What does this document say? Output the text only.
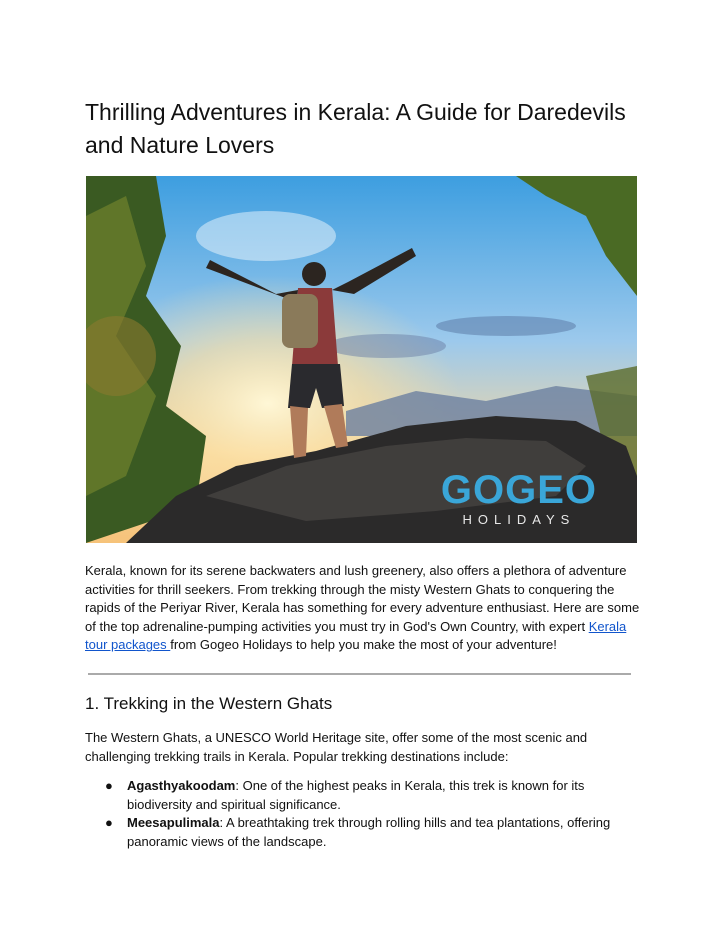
Thrilling Adventures in Kerala: A Guide for Daredevils and Nature Lovers
GOGEO
HOLIDAYS

Kerala, known for its serene backwaters and lush greenery, also offers a plethora of adventure activities for thrill seekers. From trekking through the misty Western Ghats to conquering the rapids of the Periyar River, Kerala has something for every adventure enthusiast. Here are some of the top adrenaline-pumping activities you must try in God's Own Country, with expert Kerala tour packages from Gogeo Holidays to help you make the most of your adventure!

1. Trekking in the Western Ghats

The Western Ghats, a UNESCO World Heritage site, offer some of the most scenic and challenging trekking trails in Kerala. Popular trekking destinations include:

● Agasthyakoodam: One of the highest peaks in Kerala, this trek is known for its biodiversity and spiritual significance.
● Meesapulimala: A breathtaking trek through rolling hills and tea plantations, offering panoramic views of the landscape.
